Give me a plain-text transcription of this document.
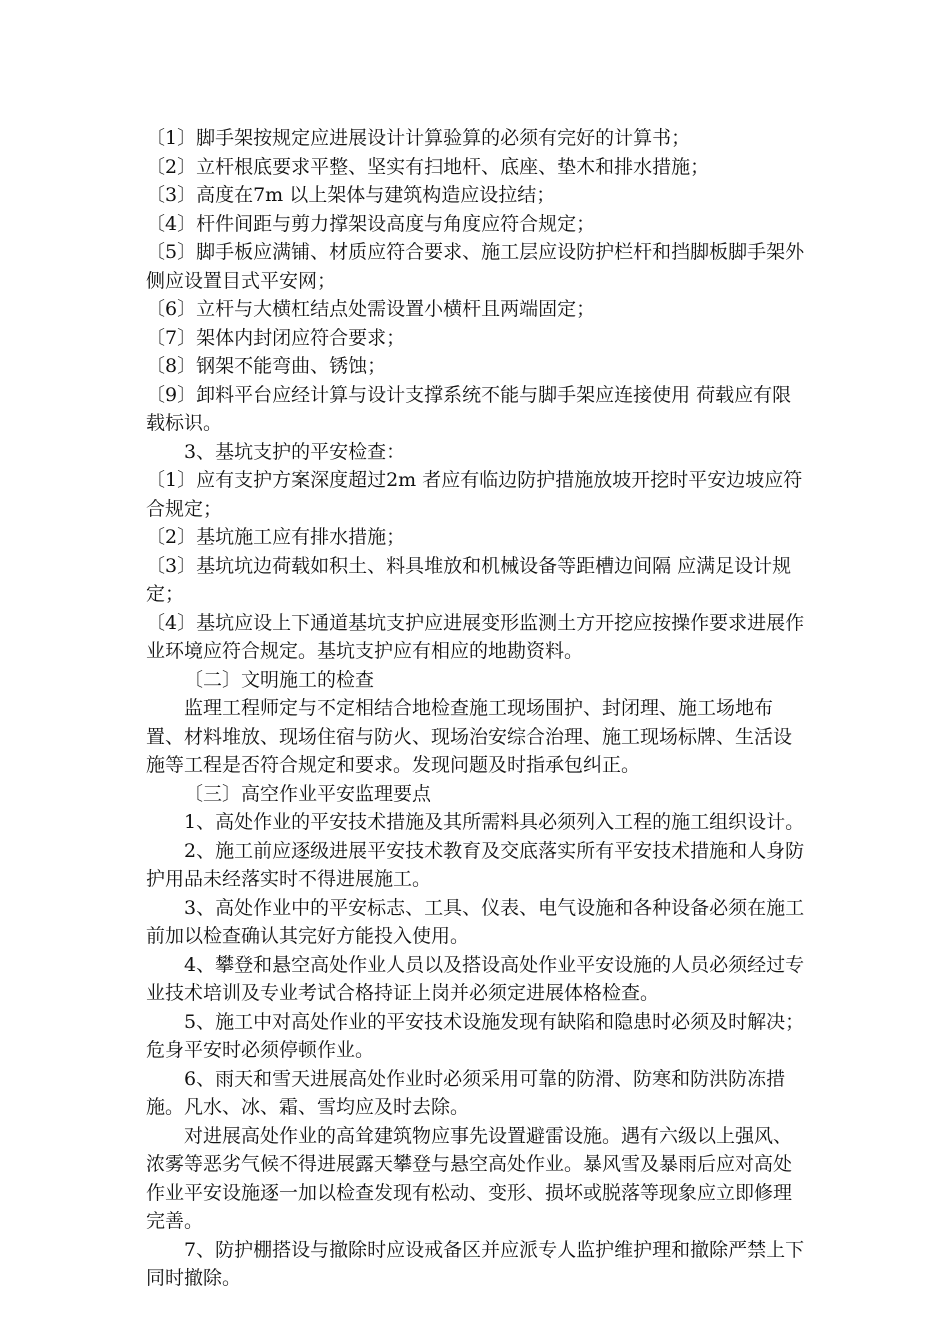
〔1〕脚手架按规定应进展设计计算验算的必须有完好的计算书；

〔2〕立杆根底要求平整、坚实有扫地杆、底座、垫木和排水措施；

〔3〕高度在7m 以上架体与建筑构造应设拉结；

〔4〕杆件间距与剪力撑架设高度与角度应符合规定；

〔5〕脚手板应满铺、材质应符合要求、施工层应设防护栏杆和挡脚板脚手架外侧应设置目式平安网；

〔6〕立杆与大横杠结点处需设置小横杆且两端固定；

〔7〕架体内封闭应符合要求；

〔8〕钢架不能弯曲、锈蚀；

〔9〕卸料平台应经计算与设计支撑系统不能与脚手架应连接使用 荷载应有限载标识。

3、基坑支护的平安检查：

〔1〕应有支护方案深度超过2m 者应有临边防护措施放坡开挖时平安边坡应符合规定；

〔2〕基坑施工应有排水措施；

〔3〕基坑坑边荷载如积土、料具堆放和机械设备等距槽边间隔 应满足设计规定；

〔4〕基坑应设上下通道基坑支护应进展变形监测土方开挖应按操作要求进展作业环境应符合规定。基坑支护应有相应的地勘资料。

〔二〕文明施工的检查

监理工程师定与不定相结合地检查施工现场围护、封闭理、施工场地布置、材料堆放、现场住宿与防火、现场治安综合治理、施工现场标牌、生活设施等工程是否符合规定和要求。发现问题及时指承包纠正。

〔三〕高空作业平安监理要点

1、高处作业的平安技术措施及其所需料具必须列入工程的施工组织设计。

2、施工前应逐级进展平安技术教育及交底落实所有平安技术措施和人身防护用品未经落实时不得进展施工。

3、高处作业中的平安标志、工具、仪表、电气设施和各种设备必须在施工前加以检查确认其完好方能投入使用。

4、攀登和悬空高处作业人员以及搭设高处作业平安设施的人员必须经过专业技术培训及专业考试合格持证上岗并必须定进展体格检查。

5、施工中对高处作业的平安技术设施发现有缺陷和隐患时必须及时解决；危身平安时必须停顿作业。

6、雨天和雪天进展高处作业时必须采用可靠的防滑、防寒和防洪防冻措施。凡水、冰、霜、雪均应及时去除。

对进展高处作业的高耸建筑物应事先设置避雷设施。遇有六级以上强风、浓雾等恶劣气候不得进展露天攀登与悬空高处作业。暴风雪及暴雨后应对高处作业平安设施逐一加以检查发现有松动、变形、损坏或脱落等现象应立即修理完善。

7、防护棚搭设与撤除时应设戒备区并应派专人监护维护理和撤除严禁上下同时撤除。
